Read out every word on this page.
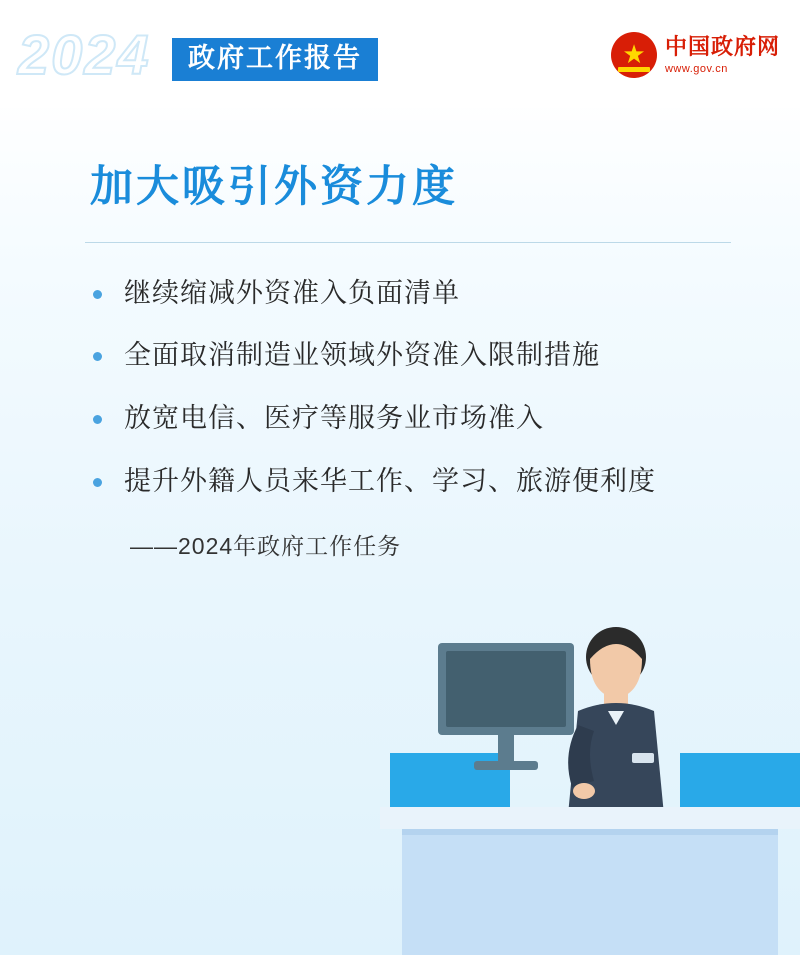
2024	政府工作报告 ★	中国政府网
www.gov.cn
加大吸引外资力度
继续缩减外资准入负面清单
全面取消制造业领域外资准入限制措施
放宽电信、医疗等服务业市场准入
提升外籍人员来华工作、学习、旅游便利度
——2024年政府工作任务
